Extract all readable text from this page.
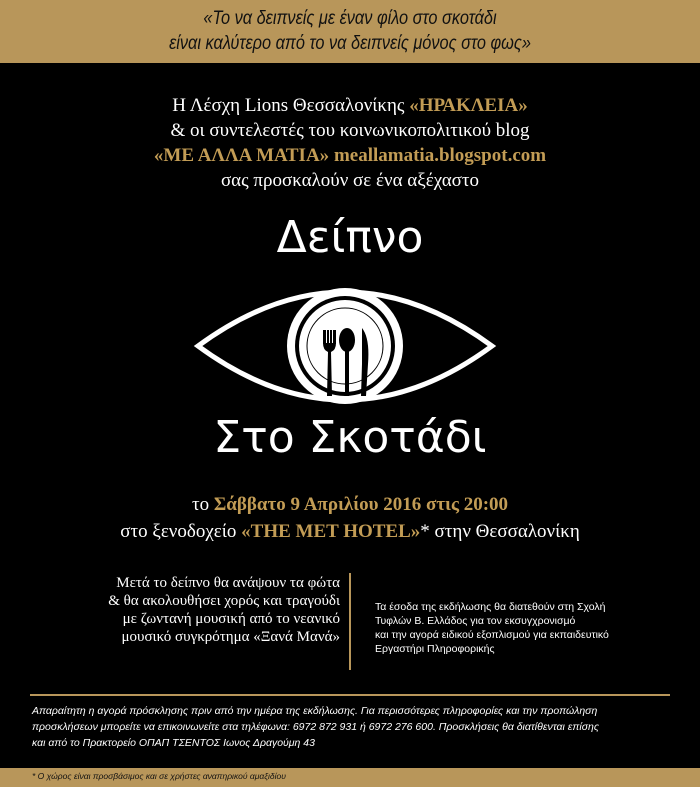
«Το να δειπνείς με έναν φίλο στο σκοτάδι
είναι καλύτερο από το να δειπνείς μόνος στο φως»
Η Λέσχη Lions Θεσσαλονίκης «ΗΡΑΚΛΕΙΑ»
& οι συντελεστές του κοινωνικοπολιτικού blog
«ΜΕ ΑΛΛΑ ΜΑΤΙΑ» meallamatia.blogspot.com
σας προσκαλούν σε ένα αξέχαστο
Δείπνο
Στο Σκοτάδι
το Σάββατο 9 Απριλίου 2016 στις 20:00
στο ξενοδοχείο «THE MET HOTEL»* στην Θεσσαλονίκη
Μετά το δείπνο θα ανάψουν τα φώτα
& θα ακολουθήσει χορός και τραγούδι
με ζωντανή μουσική από το νεανικό
μουσικό συγκρότημα «Ξανά Μανά»
Τα έσοδα της εκδήλωσης θα διατεθούν στη Σχολή
Τυφλών Β. Ελλάδος για τον εκσυγχρονισμό
και την αγορά ειδικού εξοπλισμού για εκπαιδευτικό
Εργαστήρι Πληροφορικής
Απαραίτητη η αγορά πρόσκλησης πριν από την ημέρα της εκδήλωσης. Για περισσότερες πληροφορίες και την προπώληση
προσκλήσεων μπορείτε να επικοινωνείτε στα τηλέφωνα: 6972 872 931 ή 6972 276 600. Προσκλήσεις θα διατίθενται επίσης
και από το Πρακτορείο ΟΠΑΠ ΤΣΕΝΤΟΣ Ιωνος Δραγούμη 43
* Ο χώρος είναι προσβάσιμος και σε χρήστες αναπηρικού αμαξιδίου
